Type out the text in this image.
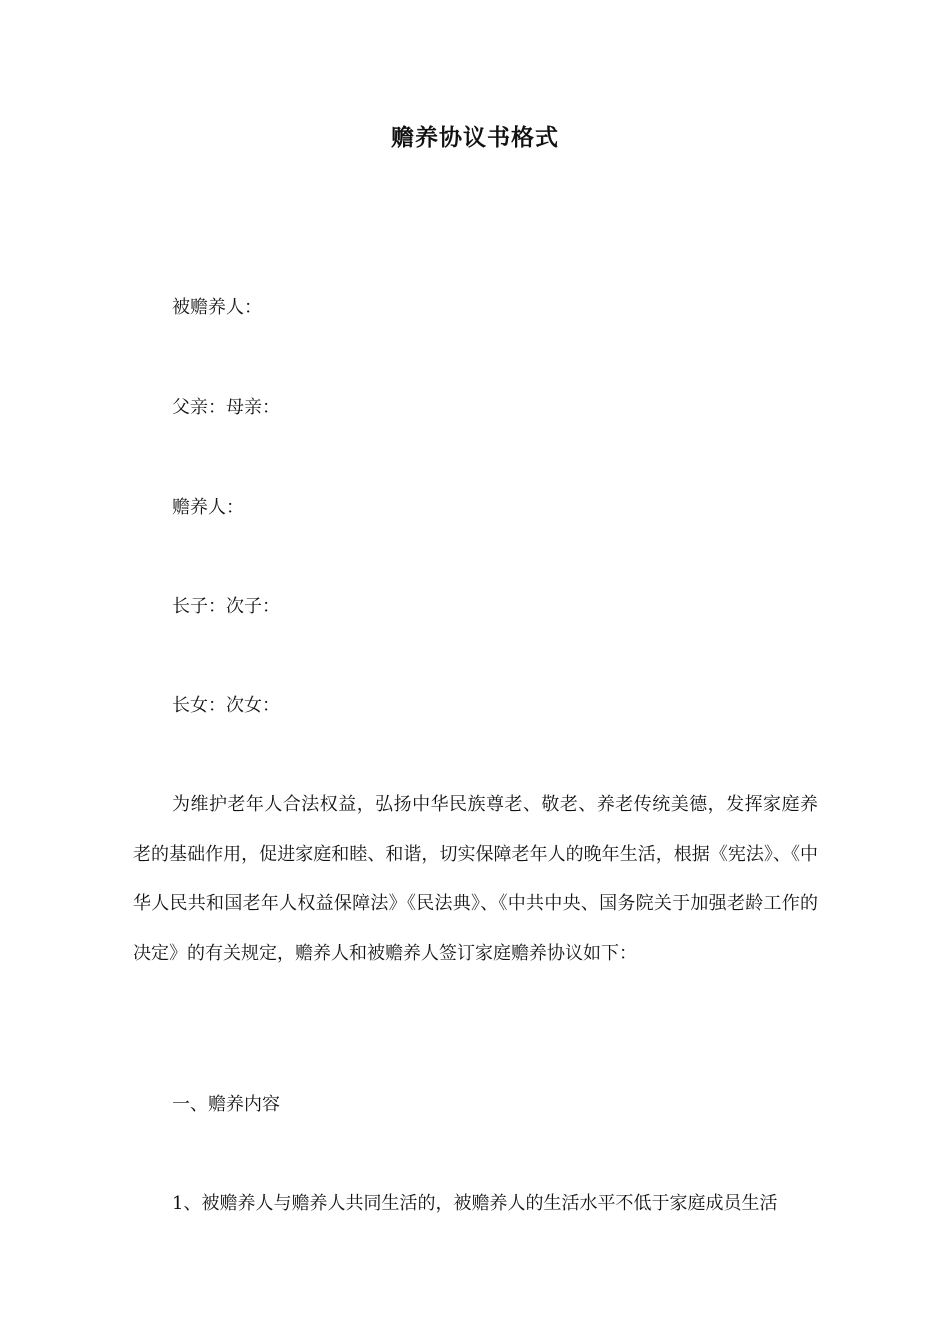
赡养协议书格式

被赡养人：

父亲：母亲：

赡养人：

长子：次子：

长女：次女：

为维护老年人合法权益，弘扬中华民族尊老、敬老、养老传统美德，发挥家庭养老的基础作用，促进家庭和睦、和谐，切实保障老年人的晚年生活，根据《宪法》、《中华人民共和国老年人权益保障法》《民法典》、《中共中央、国务院关于加强老龄工作的决定》的有关规定，赡养人和被赡养人签订家庭赡养协议如下：

一、赡养内容

1、被赡养人与赡养人共同生活的，被赡养人的生活水平不低于家庭成员生活
